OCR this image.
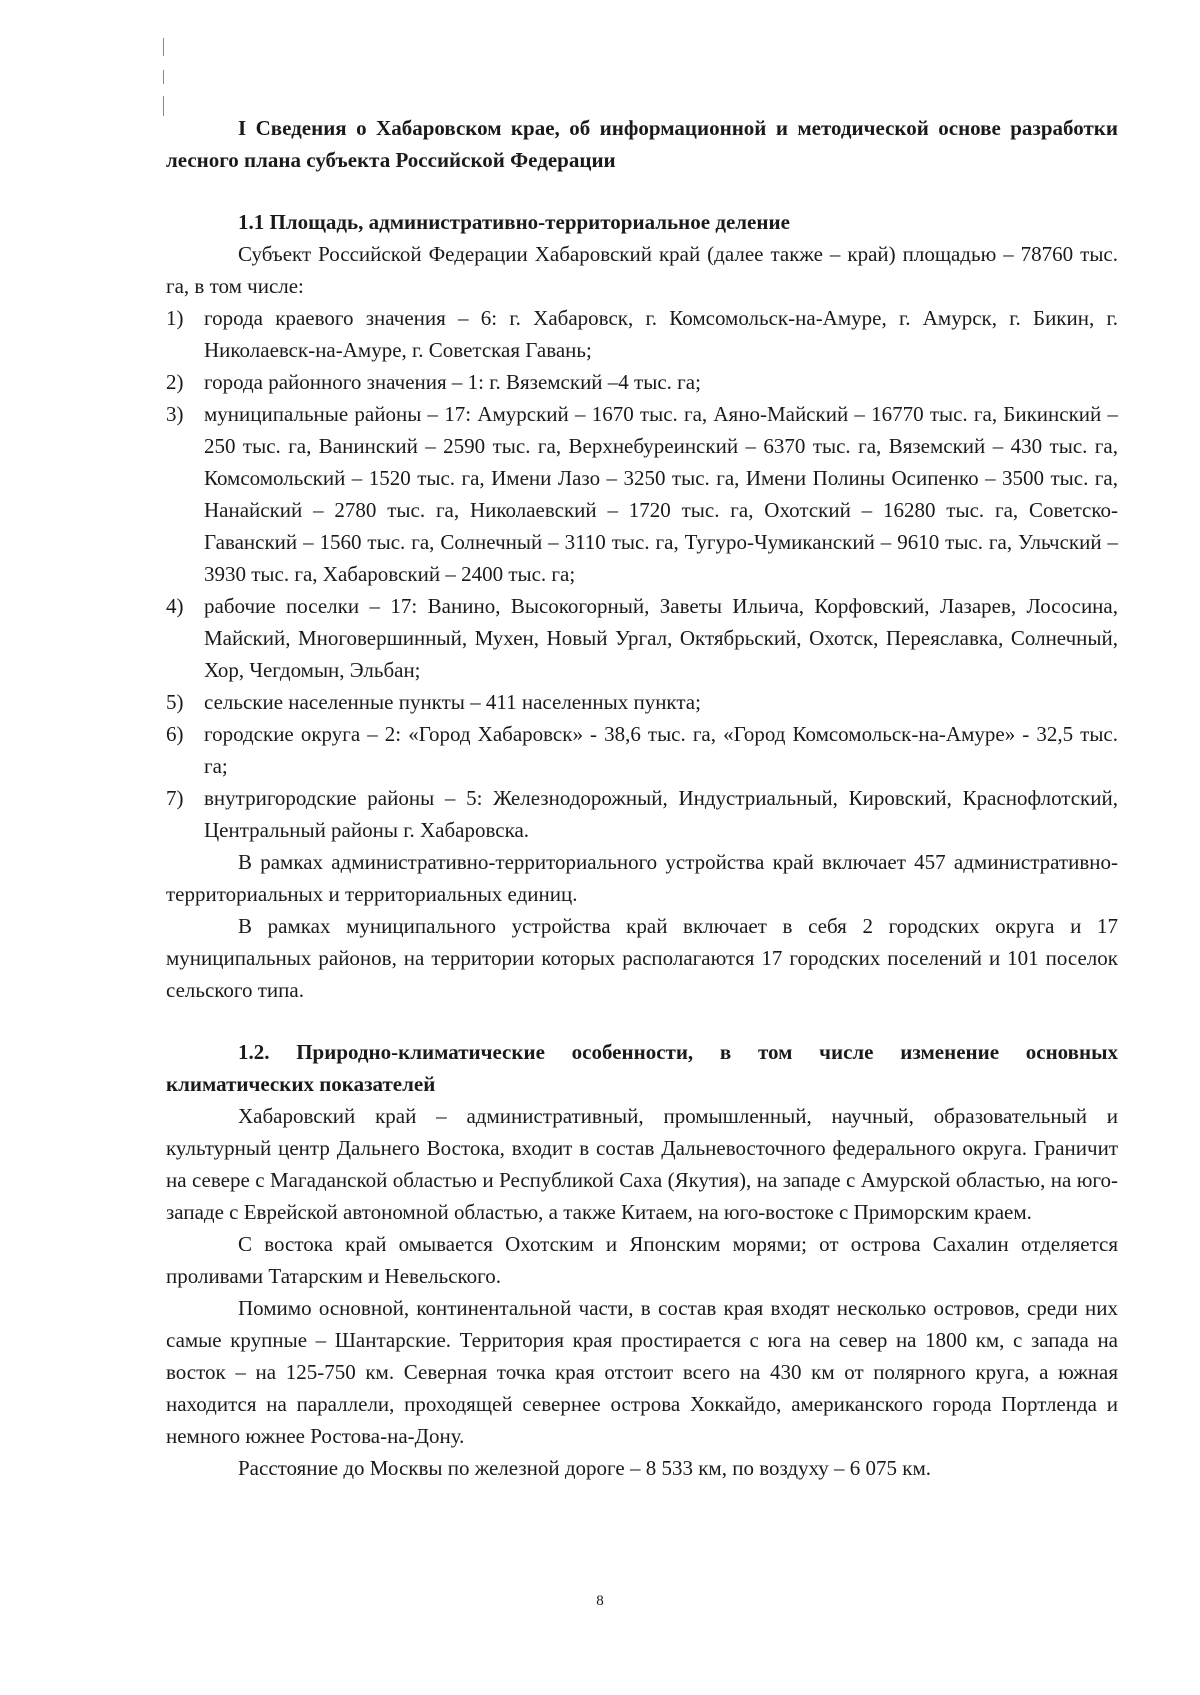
I Сведения о Хабаровском крае, об информационной и методической основе разработки лесного плана субъекта Российской Федерации

1.1 Площадь, административно-территориальное деление

Субъект Российской Федерации Хабаровский край (далее также – край) площадью – 78760 тыс. га, в том числе:

1) города краевого значения – 6: г. Хабаровск, г. Комсомольск-на-Амуре, г. Амурск, г. Бикин, г. Николаевск-на-Амуре, г. Советская Гавань;
2) города районного значения – 1: г. Вяземский –4 тыс. га;
3) муниципальные районы – 17: Амурский – 1670 тыс. га, Аяно-Майский – 16770 тыс. га, Бикинский – 250 тыс. га, Ванинский – 2590 тыс. га, Верхнебуреинский – 6370 тыс. га, Вяземский – 430 тыс. га, Комсомольский – 1520 тыс. га, Имени Лазо – 3250 тыс. га, Имени Полины Осипенко – 3500 тыс. га, Нанайский – 2780 тыс. га, Николаевский – 1720 тыс. га, Охотский – 16280 тыс. га, Советско-Гаванский – 1560 тыс. га, Солнечный – 3110 тыс. га, Тугуро-Чумиканский – 9610 тыс. га, Ульчский – 3930 тыс. га, Хабаровский – 2400 тыс. га;
4) рабочие поселки – 17: Ванино, Высокогорный, Заветы Ильича, Корфовский, Лазарев, Лососина, Майский, Многовершинный, Мухен, Новый Ургал, Октябрьский, Охотск, Переяславка, Солнечный, Хор, Чегдомын, Эльбан;
5) сельские населенные пункты – 411 населенных пункта;
6) городские округа – 2: «Город Хабаровск» - 38,6 тыс. га, «Город Комсомольск-на-Амуре» - 32,5 тыс. га;
7) внутригородские районы – 5: Железнодорожный, Индустриальный, Кировский, Краснофлотский, Центральный районы г. Хабаровска.

В рамках административно-территориального устройства край включает 457 административно-территориальных и территориальных единиц.

В рамках муниципального устройства край включает в себя 2 городских округа и 17 муниципальных районов, на территории которых располагаются 17 городских поселений и 101 поселок сельского типа.

1.2. Природно-климатические особенности, в том числе изменение основных климатических показателей

Хабаровский край – административный, промышленный, научный, образовательный и культурный центр Дальнего Востока, входит в состав Дальневосточного федерального округа. Граничит на севере с Магаданской областью и Республикой Саха (Якутия), на западе с Амурской областью, на юго-западе с Еврейской автономной областью, а также Китаем, на юго-востоке с Приморским краем.

С востока край омывается Охотским и Японским морями; от острова Сахалин отделяется проливами Татарским и Невельского.

Помимо основной, континентальной части, в состав края входят несколько островов, среди них самые крупные – Шантарские. Территория края простирается с юга на север на 1800 км, с запада на восток – на 125-750 км. Северная точка края отстоит всего на 430 км от полярного круга, а южная находится на параллели, проходящей севернее острова Хоккайдо, американского города Портленда и немного южнее Ростова-на-Дону.

Расстояние до Москвы по железной дороге – 8 533 км, по воздуху – 6 075 км.

8
